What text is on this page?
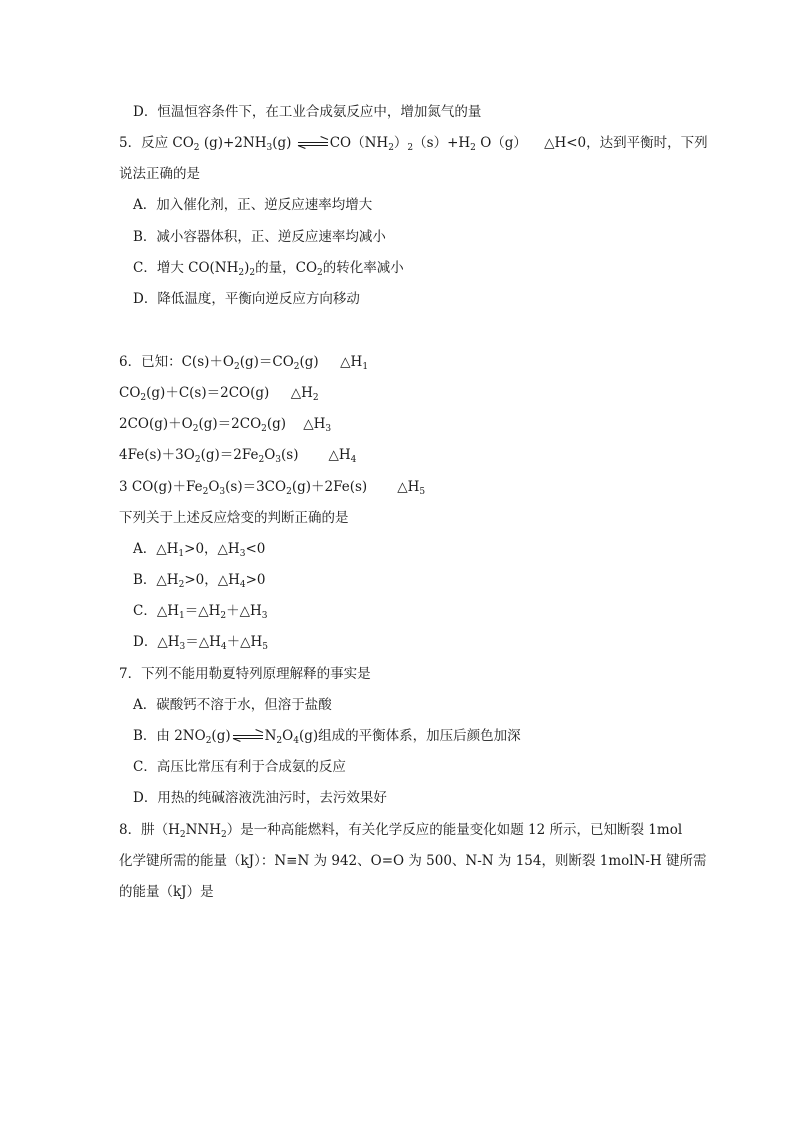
D．恒温恒容条件下，在工业合成氨反应中，增加氮气的量
5．反应 $CO_2$ $(g)+2NH_3(g)$	$CO(NH_2)_2(s)+H_2$ O（g） △H<0，达到平衡时，下列
说法正确的是
A．加入催化剂，正、逆反应速率均增大
B．减小容器体积，正、逆反应速率均减小
C．增大 $CO(NH_2)_2$的量，$CO_2$的转化率减小
D．降低温度，平衡向逆反应方向移动
6．已知：$C(s)+O_2(g)=CO_2(g)$ $\triangle H_1$
$CO_2(g)+C(s)=2CO(g)$ $\triangle H_2$
$2CO(g)+O_2(g)=2CO_2(g)$ $\triangle H_3$
$4Fe(s)+3O_2(g)=2Fe_2O_3(s)$ $\triangle H_4$
3 $CO(g)+Fe_2O_3(s)=3CO_2(g)+2Fe(s)$ $\triangle H_5$
下列关于上述反应焓变的判断正确的是
A．$\triangle H_1>0$，$\triangle H_3<0$
B．$\triangle H_2>0$，$\triangle H_4>0$
C．$\triangle H_1=\triangle H_2+\triangle H_3$
D．$\triangle H_3=\triangle H_4+\triangle H_5$
7．下列不能用勒夏特列原理解释的事实是
A．碳酸钙不溶于水，但溶于盐酸
B．由 $2NO_2(g)$	$N_2O_4(g)$组成的平衡体系，加压后颜色加深
C．高压比常压有利于合成氨的反应
D．用热的纯碱溶液洗油污时，去污效果好
8．肼$(H_2NNH_2)$是一种高能燃料，有关化学反应的能量变化如题 12 所示，已知断裂 1mol
化学键所需的能量（kJ）：N≡N 为 942、O=O 为 500、N-N 为 154，则断裂 1molN-H 键所需
的能量（kJ）是
